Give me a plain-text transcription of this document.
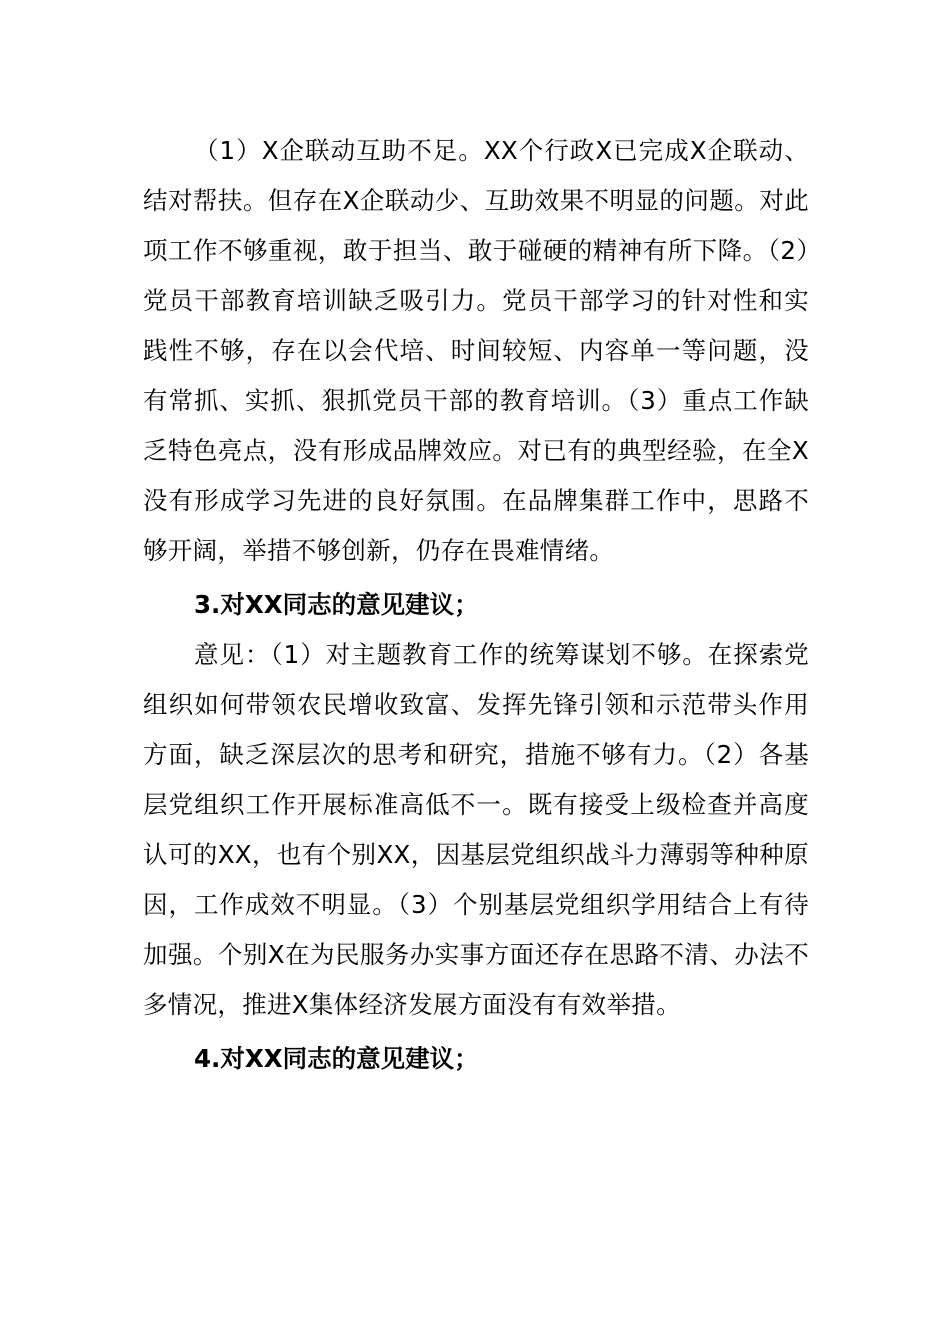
（1）X企联动互助不足。XX个行政X已完成X企联动、结对帮扶。但存在X企联动少、互助效果不明显的问题。对此项工作不够重视，敢于担当、敢于碰硬的精神有所下降。（2）党员干部教育培训缺乏吸引力。党员干部学习的针对性和实践性不够，存在以会代培、时间较短、内容单一等问题，没有常抓、实抓、狠抓党员干部的教育培训。（3）重点工作缺乏特色亮点，没有形成品牌效应。对已有的典型经验，在全X没有形成学习先进的良好氛围。在品牌集群工作中，思路不够开阔，举措不够创新，仍存在畏难情绪。

3.对XX同志的意见建议；

意见：（1）对主题教育工作的统筹谋划不够。在探索党组织如何带领农民增收致富、发挥先锋引领和示范带头作用方面，缺乏深层次的思考和研究，措施不够有力。（2）各基层党组织工作开展标准高低不一。既有接受上级检查并高度认可的XX，也有个别XX，因基层党组织战斗力薄弱等种种原因，工作成效不明显。（3）个别基层党组织学用结合上有待加强。个别X在为民服务办实事方面还存在思路不清、办法不多情况，推进X集体经济发展方面没有有效举措。

4.对XX同志的意见建议；
